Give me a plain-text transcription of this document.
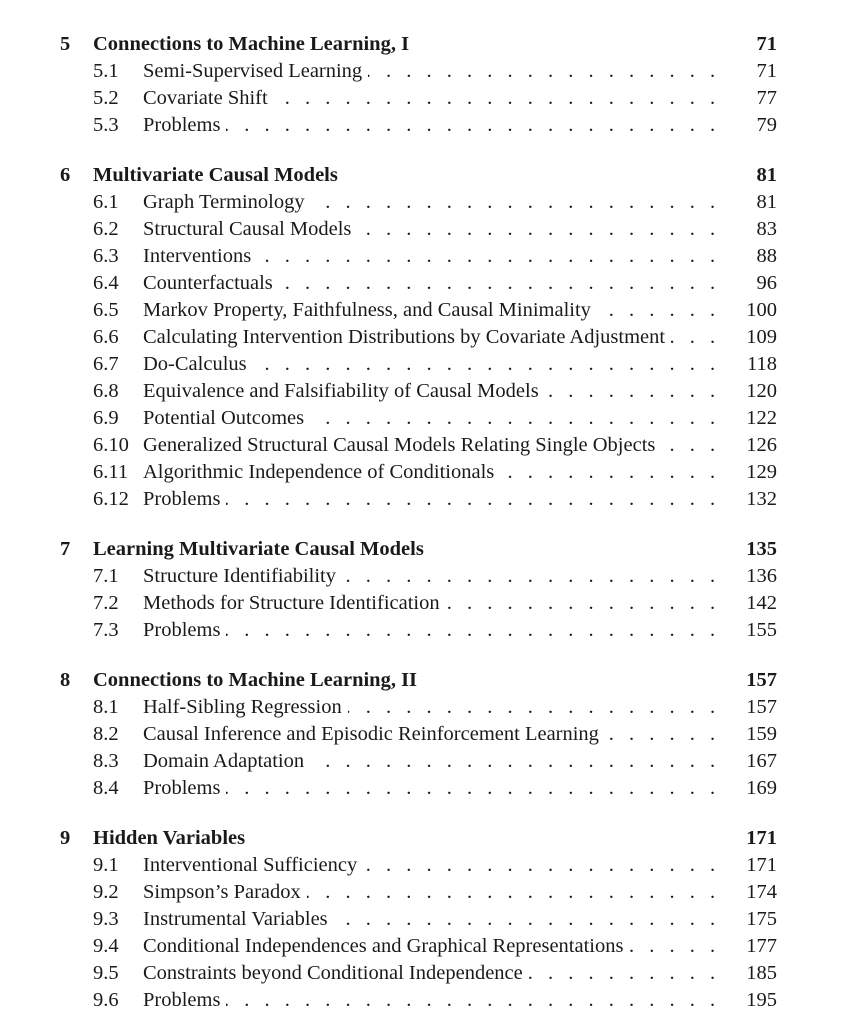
5 Connections to Machine Learning, I	71
5.1 Semi-Supervised Learning . . .	71
5.2 Covariate Shift . . .	77
5.3 Problems . . .	79
6 Multivariate Causal Models	81
6.1 Graph Terminology . . .	81
6.2 Structural Causal Models . . .	83
6.3 Interventions . . .	88
6.4 Counterfactuals . . .	96
6.5 Markov Property, Faithfulness, and Causal Minimality . . .	100
6.6 Calculating Intervention Distributions by Covariate Adjustment . . .	109
6.7 Do-Calculus . . .	118
6.8 Equivalence and Falsifiability of Causal Models . . .	120
6.9 Potential Outcomes . . .	122
6.10 Generalized Structural Causal Models Relating Single Objects . . .	126
6.11 Algorithmic Independence of Conditionals . . .	129
6.12 Problems . . .	132
7 Learning Multivariate Causal Models	135
7.1 Structure Identifiability . . .	136
7.2 Methods for Structure Identification . . .	142
7.3 Problems . . .	155
8 Connections to Machine Learning, II	157
8.1 Half-Sibling Regression . . .	157
8.2 Causal Inference and Episodic Reinforcement Learning . . .	159
8.3 Domain Adaptation . . .	167
8.4 Problems . . .	169
9 Hidden Variables	171
9.1 Interventional Sufficiency . . .	171
9.2 Simpson’s Paradox . . .	174
9.3 Instrumental Variables . . .	175
9.4 Conditional Independences and Graphical Representations . . .	177
9.5 Constraints beyond Conditional Independence . . .	185
9.6 Problems . . .	195
